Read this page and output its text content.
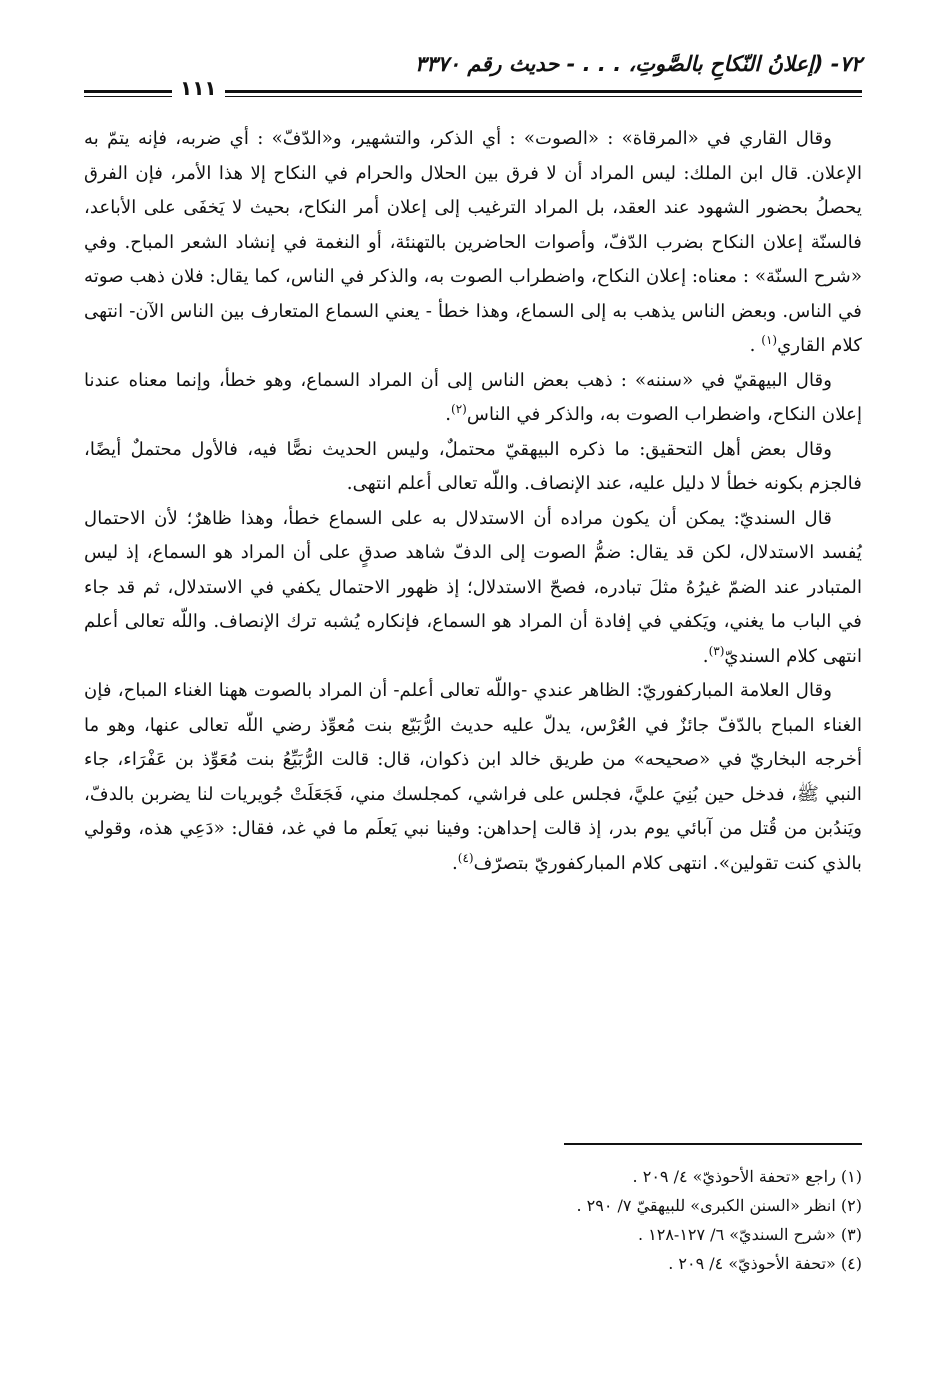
٧٢- (إعلانُ النّكاحِ بالصَّوتِ، . . . - حديث رقم ٣٣٧٠
١١١

وقال القاري في «المرقاة» : «الصوت» : أي الذكر، والتشهير، و«الدّفّ» : أي ضربه، فإنه يتمّ به الإعلان. قال ابن الملك: ليس المراد أن لا فرق بين الحلال والحرام في النكاح إلا هذا الأمر، فإن الفرق يحصلُ بحضور الشهود عند العقد، بل المراد الترغيب إلى إعلان أمر النكاح، بحيث لا يَخفَى على الأباعد، فالسنّة إعلان النكاح بضرب الدّفّ، وأصوات الحاضرين بالتهنئة، أو النغمة في إنشاد الشعر المباح. وفي «شرح السنّة» : معناه: إعلان النكاح، واضطراب الصوت به، والذكر في الناس، كما يقال: فلان ذهب صوته في الناس. وبعض الناس يذهب به إلى السماع، وهذا خطأ - يعني السماع المتعارف بين الناس الآن- انتهى كلام القاري$^{(١)}$ .

وقال البيهقيّ في «سننه» : ذهب بعض الناس إلى أن المراد السماع، وهو خطأ، وإنما معناه عندنا إعلان النكاح، واضطراب الصوت به، والذكر في الناس$^{(٢)}$.

وقال بعض أهل التحقيق: ما ذكره البيهقيّ محتملٌ، وليس الحديث نصًّا فيه، فالأول محتملٌ أيضًا، فالجزم بكونه خطأ لا دليل عليه، عند الإنصاف. واللّه تعالى أعلم انتهى.

قال السنديّ: يمكن أن يكون مراده أن الاستدلال به على السماع خطأ، وهذا ظاهرٌ؛ لأن الاحتمال يُفسد الاستدلال، لكن قد يقال: ضمُّ الصوت إلى الدفّ شاهد صدقٍ على أن المراد هو السماع، إذ ليس المتبادر عند الضمّ غيرُهُ مثلَ تبادره، فصحّ الاستدلال؛ إذ ظهور الاحتمال يكفي في الاستدلال، ثم قد جاء في الباب ما يغني، ويَكفي في إفادة أن المراد هو السماع، فإنكاره يُشبه ترك الإنصاف. واللّه تعالى أعلم انتهى كلام السنديّ$^{(٣)}$.

وقال العلامة المباركفوريّ: الظاهر عندي -واللّه تعالى أعلم- أن المراد بالصوت ههنا الغناء المباح، فإن الغناء المباح بالدّفّ جائزٌ في العُرْس، يدلّ عليه حديث الرُّبَيّع بنت مُعوِّذ رضي اللّه تعالى عنها، وهو ما أخرجه البخاريّ في «صحيحه» من طريق خالد ابن ذكوان، قال: قالت الرُّبَيِّعُ بنت مُعَوِّذ بن عَفْرَاء، جاء النبي ﷺ، فدخل حين بُنِيَ عليَّ، فجلس على فراشي، كمجلسك مني، فَجَعَلَتْ جُويريات لنا يضربن بالدفّ، ويَندُبن من قُتل من آبائي يوم بدر، إذ قالت إحداهن: وفينا نبي يَعلَم ما في غد، فقال: «دَعِي هذه، وقولي بالذي كنت تقولين». انتهى كلام المباركفوريّ بتصرّف$^{(٤)}$.

(١) راجع «تحفة الأحوذيّ» ٤/ ٢٠٩ .
(٢) انظر «السنن الكبرى» للبيهقيّ ٧/ ٢٩٠ .
(٣) «شرح السنديّ» ٦/ ١٢٧-١٢٨ .
(٤) «تحفة الأحوذيّ» ٤/ ٢٠٩ .
